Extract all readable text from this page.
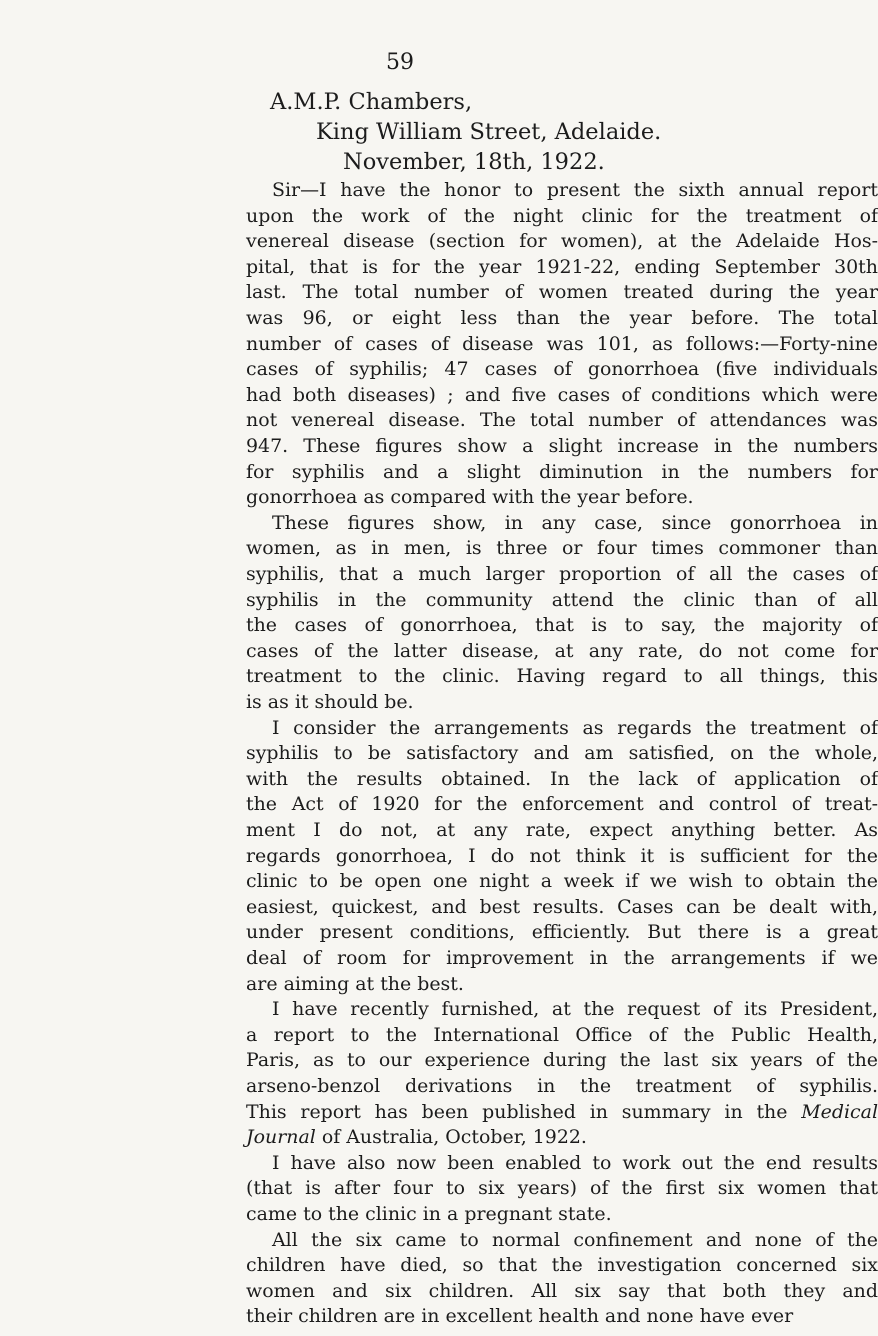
59
A.M.P. Chambers,
King William Street, Adelaide.
November, 18th, 1922.
Sir—I have the honor to present the sixth annual report
upon the work of the night clinic for the treatment of
venereal disease (section for women), at the Adelaide Hos-
pital, that is for the year 1921-22, ending September 30th
last. The total number of women treated during the year
was 96, or eight less than the year before. The total
number of cases of disease was 101, as follows:—Forty-nine
cases of syphilis; 47 cases of gonorrhoea (five individuals
had both diseases) ; and five cases of conditions which were
not venereal disease. The total number of attendances was
947. These figures show a slight increase in the numbers
for syphilis and a slight diminution in the numbers for
gonorrhoea as compared with the year before.
These figures show, in any case, since gonorrhoea in
women, as in men, is three or four times commoner than
syphilis, that a much larger proportion of all the cases of
syphilis in the community attend the clinic than of all
the cases of gonorrhoea, that is to say, the majority of
cases of the latter disease, at any rate, do not come for
treatment to the clinic. Having regard to all things, this
is as it should be.
I consider the arrangements as regards the treatment of
syphilis to be satisfactory and am satisfied, on the whole,
with the results obtained. In the lack of application of
the Act of 1920 for the enforcement and control of treat-
ment I do not, at any rate, expect anything better. As
regards gonorrhoea, I do not think it is sufficient for the
clinic to be open one night a week if we wish to obtain the
easiest, quickest, and best results. Cases can be dealt with,
under present conditions, efficiently. But there is a great
deal of room for improvement in the arrangements if we
are aiming at the best.
I have recently furnished, at the request of its President,
a report to the International Office of the Public Health,
Paris, as to our experience during the last six years of the
arseno-benzol derivations in the treatment of syphilis.
This report has been published in summary in the Medical
Journal of Australia, October, 1922.
I have also now been enabled to work out the end results
(that is after four to six years) of the first six women that
came to the clinic in a pregnant state.
All the six came to normal confinement and none of the
children have died, so that the investigation concerned six
women and six children. All six say that both they and
their children are in excellent health and none have ever
